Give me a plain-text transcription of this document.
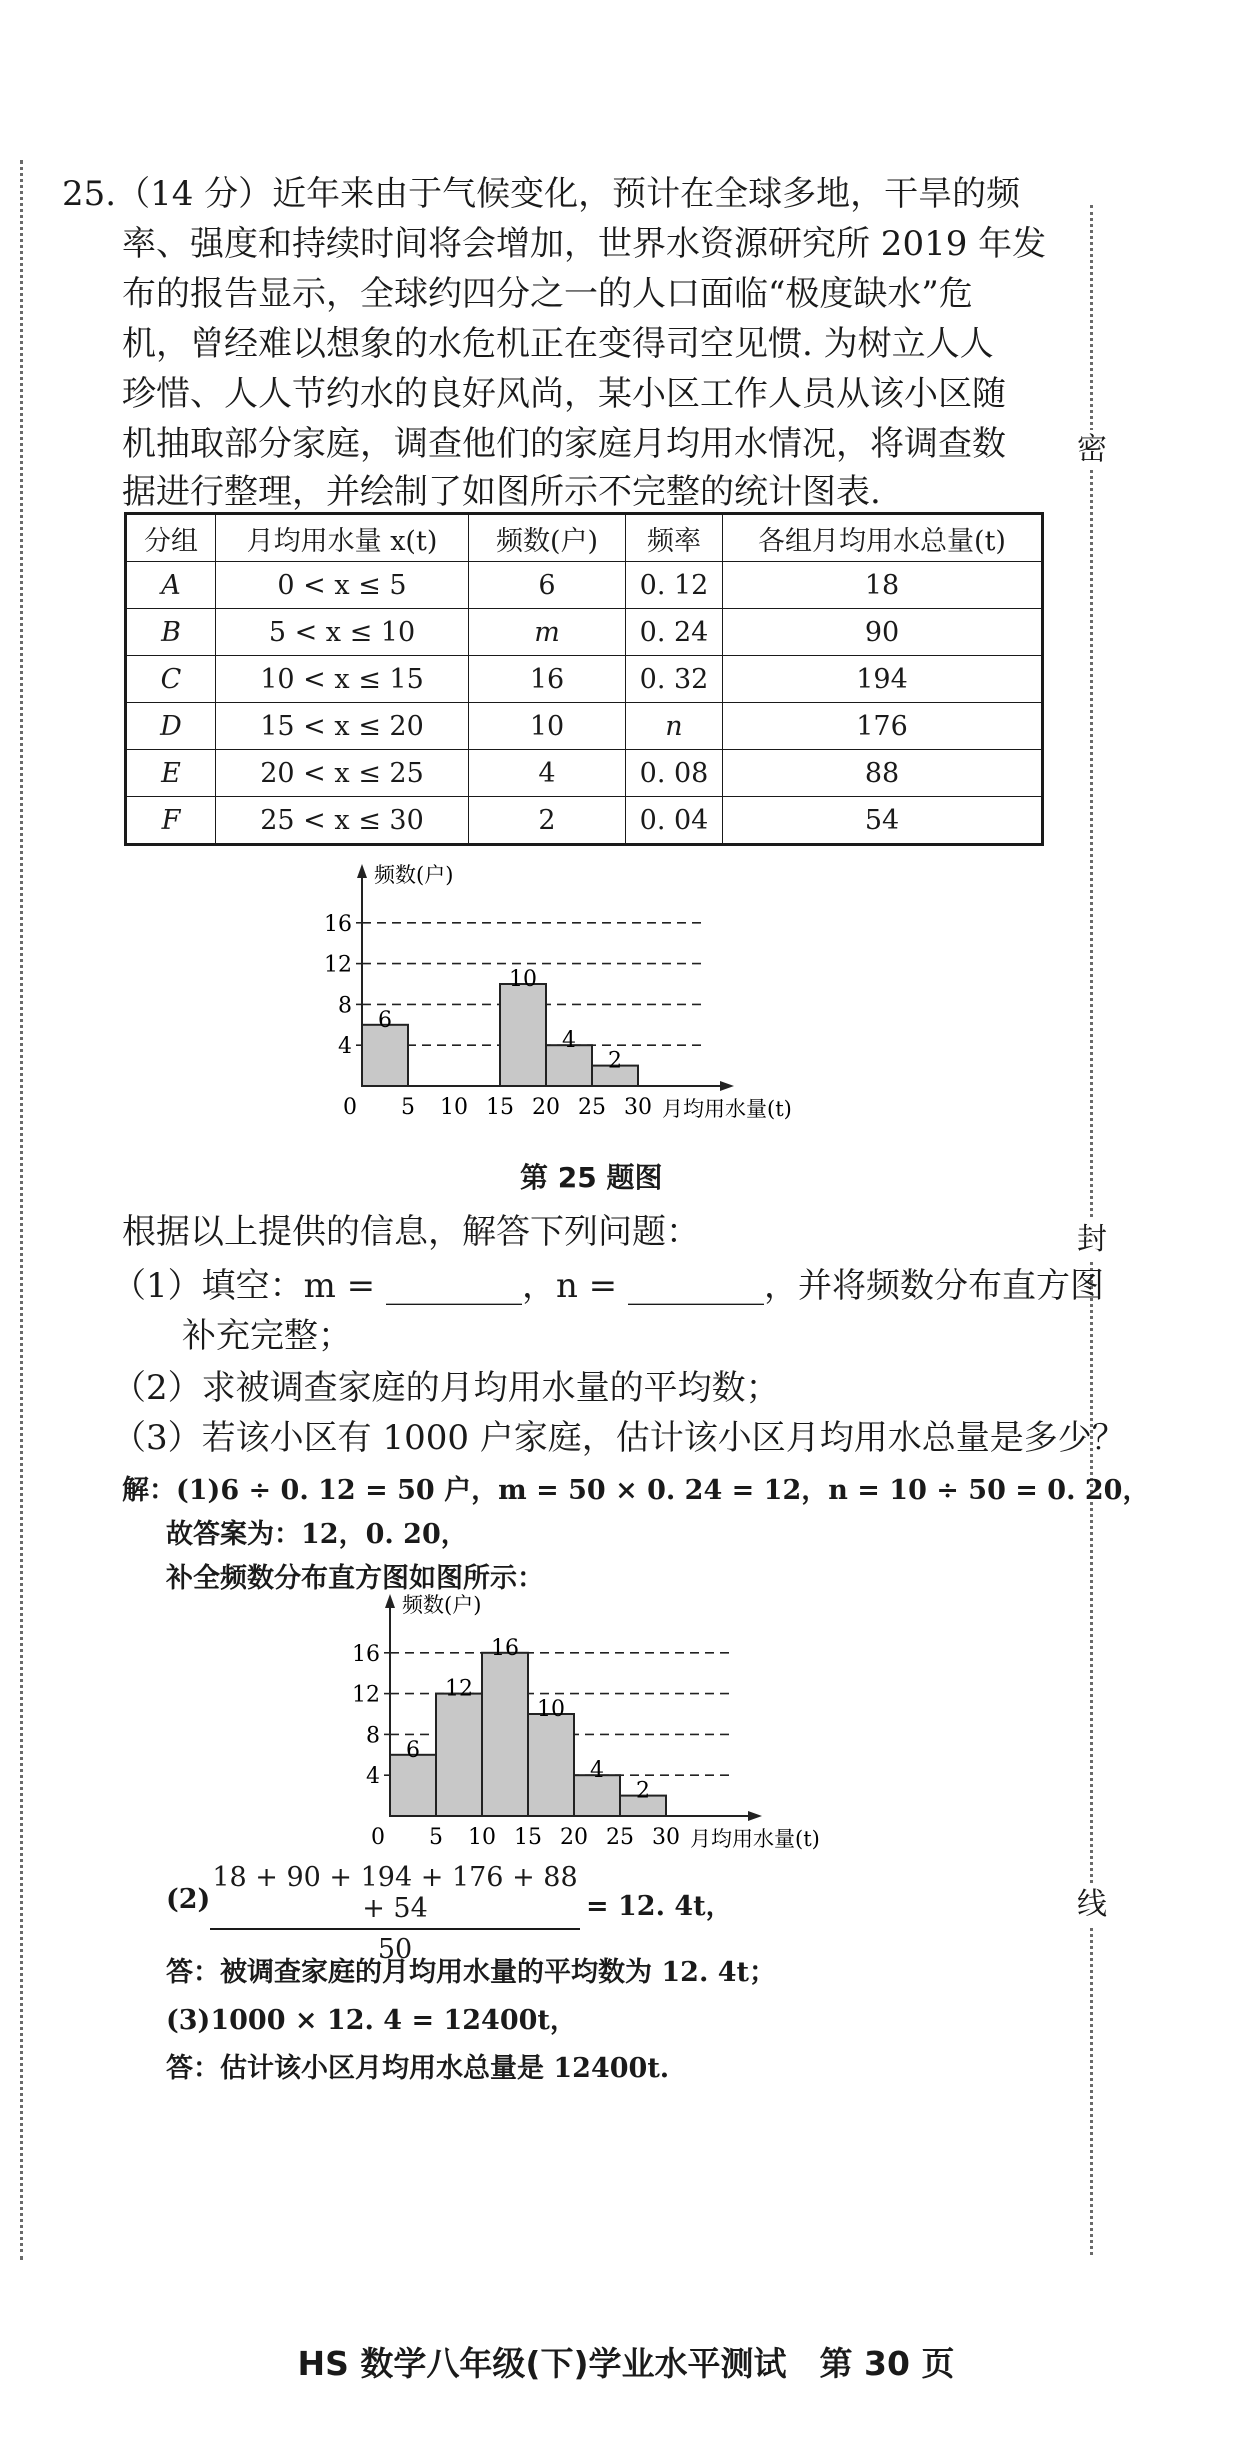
密
封
线
25.（14 分）近年来由于气候变化，预计在全球多地，干旱的频
率、强度和持续时间将会增加，世界水资源研究所 2019 年发
布的报告显示，全球约四分之一的人口面临“极度缺水”危
机，曾经难以想象的水危机正在变得司空见惯. 为树立人人
珍惜、人人节约水的良好风尚，某小区工作人员从该小区随
机抽取部分家庭，调查他们的家庭月均用水情况，将调查数
据进行整理，并绘制了如图所示不完整的统计图表.
分组	月均用水量 x(t)	频数(户)	频率	各组月均用水总量(t)
A	0 < x ≤ 5	6	0. 12	18
B	5 < x ≤ 10	m	0. 24	90
C	10 < x ≤ 15	16	0. 32	194
D	15 < x ≤ 20	10	n	176
E	20 < x ≤ 25	4	0. 08	88
F	25 < x ≤ 30	2	0. 04	54
4
8
12
16
6
10
4
2
0 5 10 15 20 25 30
频数(户)
月均用水量(t)
第 25 题图
根据以上提供的信息，解答下列问题：
（1）填空：m = ________，n = ________，并将频数分布直方图
补充完整；
（2）求被调查家庭的月均用水量的平均数；
（3）若该小区有 1000 户家庭，估计该小区月均用水总量是多少？
解：(1)6 ÷ 0. 12 = 50 户，m = 50 × 0. 24 = 12，n = 10 ÷ 50 = 0. 20，
故答案为：12，0. 20，
补全频数分布直方图如图所示：
4
8
12
16
6
12
16
10
4
2
0 5 10 15 20 25 30
频数(户)
月均用水量(t)
$(2) \frac{18 + 90 + 194 + 176 + 88 + 54}{50} = 12$. 4t，
答：被调查家庭的月均用水量的平均数为 12. 4t；
(3)1000 × 12. 4 = 12400t，
答：估计该小区月均用水总量是 12400t.
HS 数学八年级(下)学业水平测试　第 30 页
